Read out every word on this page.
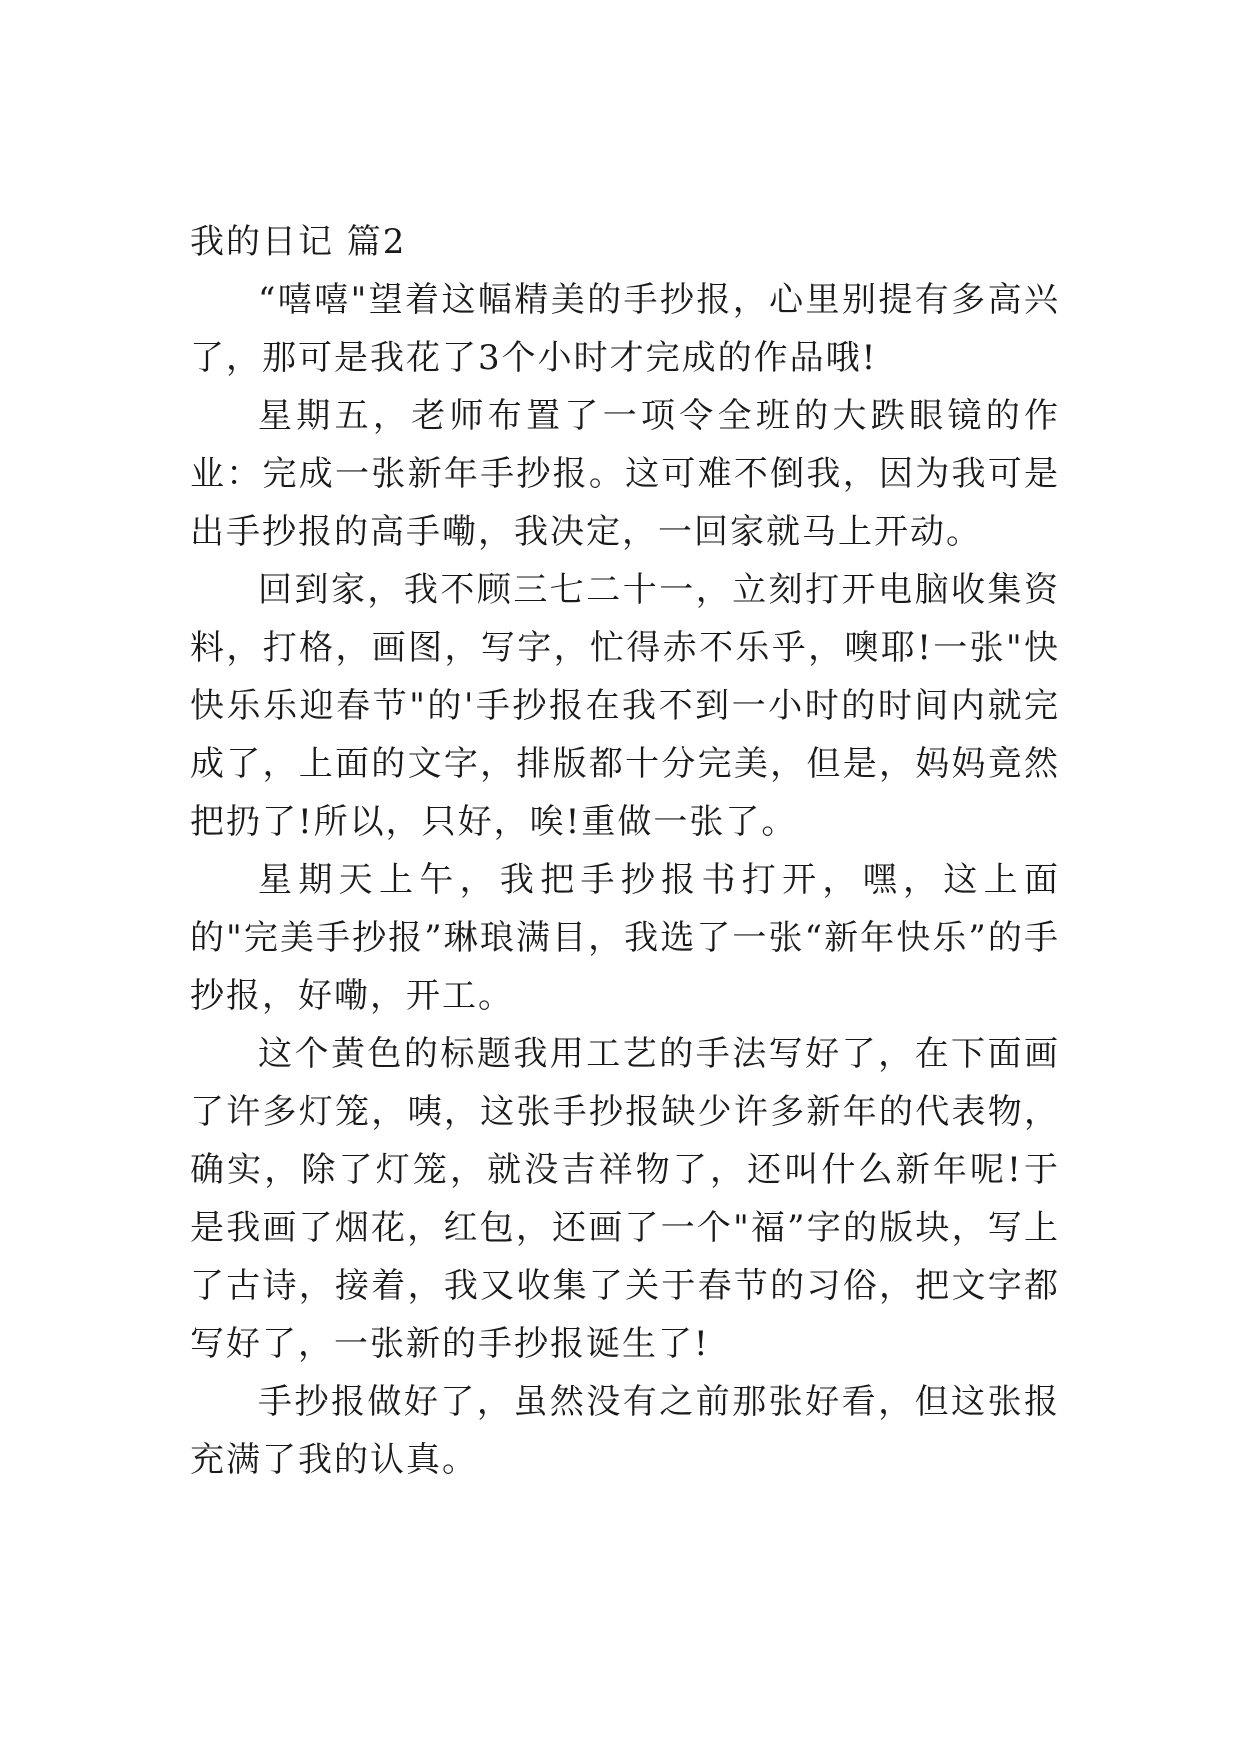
我的日记 篇2

“嘻嘻"望着这幅精美的手抄报，心里别提有多高兴了，那可是我花了3个小时才完成的作品哦!

星期五，老师布置了一项令全班的大跌眼镜的作业：完成一张新年手抄报。这可难不倒我，因为我可是出手抄报的高手嘞，我决定，一回家就马上开动。

回到家，我不顾三七二十一，立刻打开电脑收集资料，打格，画图，写字，忙得赤不乐乎，噢耶!一张"快快乐乐迎春节"的'手抄报在我不到一小时的时间内就完成了，上面的文字，排版都十分完美，但是，妈妈竟然把扔了!所以，只好，唉!重做一张了。

星期天上午，我把手抄报书打开，嘿，这上面的"完美手抄报”琳琅满目，我选了一张“新年快乐”的手抄报，好嘞，开工。

这个黄色的标题我用工艺的手法写好了，在下面画了许多灯笼，咦，这张手抄报缺少许多新年的代表物，确实，除了灯笼，就没吉祥物了，还叫什么新年呢!于是我画了烟花，红包，还画了一个"福”字的版块，写上了古诗，接着，我又收集了关于春节的习俗，把文字都写好了，一张新的手抄报诞生了!

手抄报做好了，虽然没有之前那张好看，但这张报充满了我的认真。
